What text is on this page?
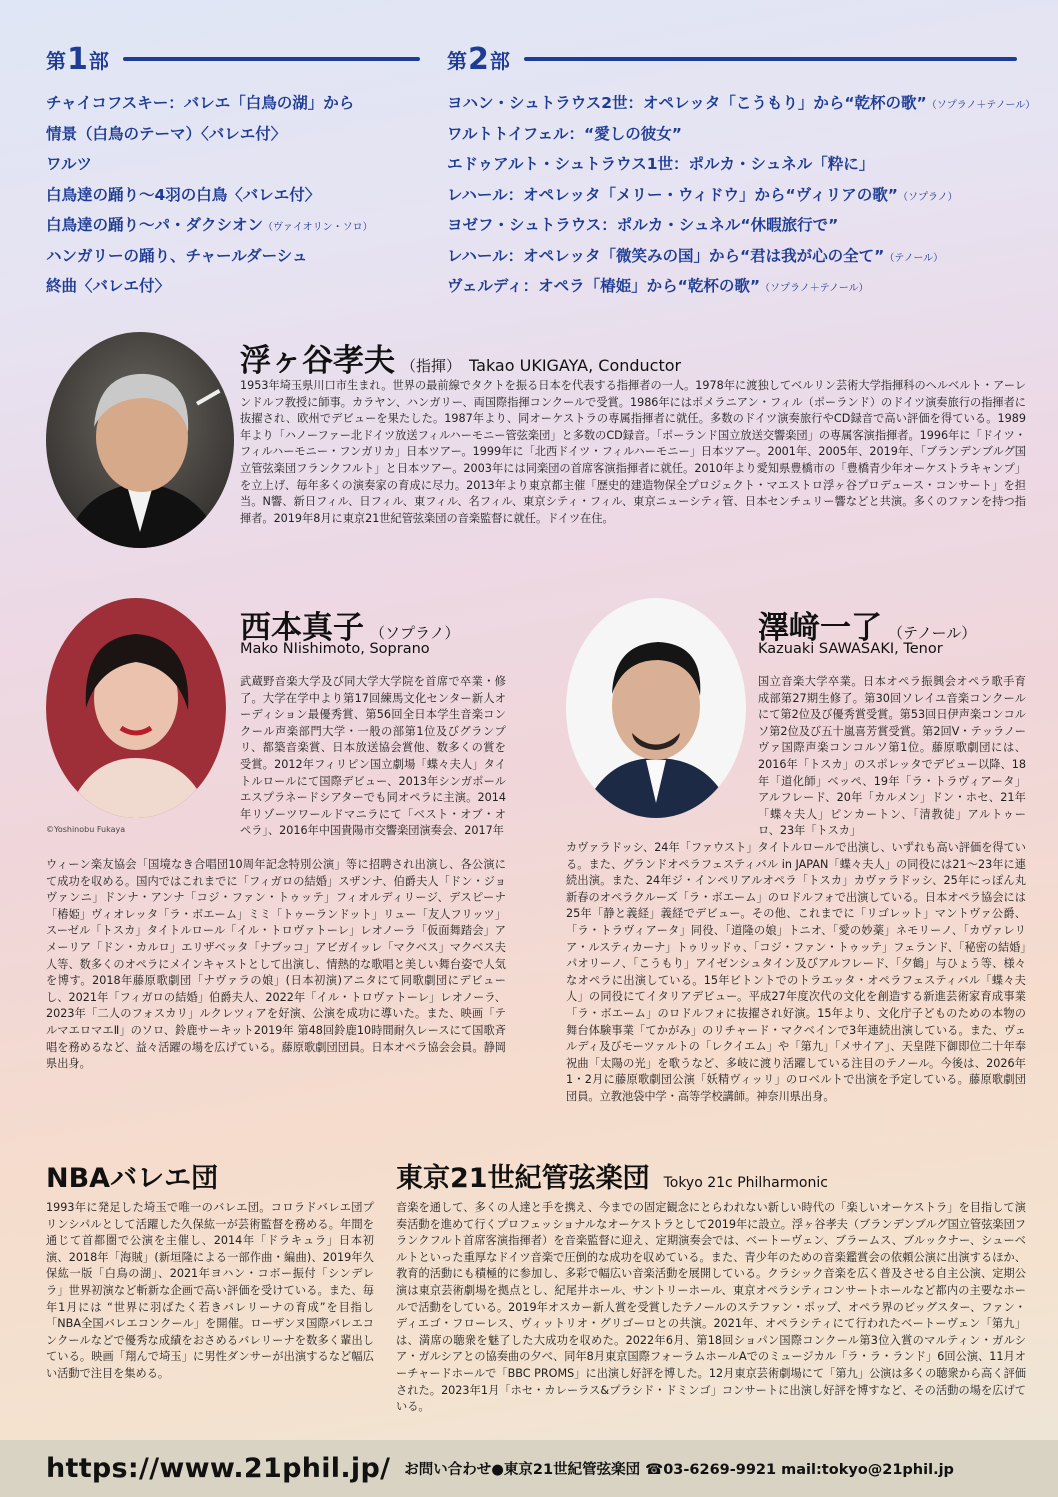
第 1 部
チャイコフスキー：バレエ「白鳥の湖」から
情景（白鳥のテーマ）〈バレエ付〉
ワルツ
白鳥達の踊り～4羽の白鳥〈バレエ付〉
白鳥達の踊り～パ・ダクシオン（ヴァイオリン・ソロ）
ハンガリーの踊り、チャールダーシュ
終曲〈バレエ付〉
第 2 部
ヨハン・シュトラウス2世：オペレッタ「こうもり」から“乾杯の歌”（ソプラノ＋テノール）
ワルトトイフェル：“愛しの彼女”
エドゥアルト・シュトラウス1世：ポルカ・シュネル「粋に」
レハール：オペレッタ「メリー・ウィドウ」から“ヴィリアの歌”（ソプラノ）
ヨゼフ・シュトラウス：ポルカ・シュネル“休暇旅行で”
レハール：オペレッタ「微笑みの国」から“君は我が心の全て”（テノール）
ヴェルディ：オペラ「椿姫」から“乾杯の歌”（ソプラノ＋テノール）
浮ヶ谷孝夫 （指揮） Takao UKIGAYA, Conductor

1953年埼玉県川口市生まれ。世界の最前線でタクトを振る日本を代表する指揮者の一人。1978年に渡独してベルリン芸術大学指揮科のヘルベルト・アーレンドルフ教授に師事。カラヤン、ハンガリー、両国際指揮コンクールで受賞。1986年にはポメラニアン・フィル（ポーランド）のドイツ演奏旅行の指揮者に抜擢され、欧州でデビューを果たした。1987年より、同オーケストラの専属指揮者に就任。多数のドイツ演奏旅行やCD録音で高い評価を得ている。1989年より「ハノーファー北ドイツ放送フィルハーモニー管弦楽団」と多数のCD録音。「ポーランド国立放送交響楽団」の専属客演指揮者。1996年に「ドイツ・フィルハーモニー・フンガリカ」日本ツアー。1999年に「北西ドイツ・フィルハーモニー」日本ツアー。2001年、2005年、2019年、「ブランデンブルグ国立管弦楽団フランクフルト」と日本ツアー。2003年には同楽団の首席客演指揮者に就任。2010年より愛知県豊橋市の「豊橋青少年オーケストラキャンプ」を立上げ、毎年多くの演奏家の育成に尽力。2013年より東京都主催「歴史的建造物保全プロジェクト・マエストロ浮ヶ谷プロデュース・コンサート」を担当。N響、新日フィル、日フィル、東フィル、名フィル、東京シティ・フィル、東京ニューシティ管、日本センチュリー響などと共演。多くのファンを持つ指揮者。2019年8月に東京21世紀管弦楽団の音楽監督に就任。ドイツ在住。

©Yoshinobu Fukaya
西本真子 （ソプラノ）
Mako NIishimoto, Soprano

武蔵野音楽大学及び同大学大学院を首席で卒業・修了。大学在学中より第17回練馬文化センター新人オーディション最優秀賞、第56回全日本学生音楽コンクール声楽部門大学・一般の部第1位及びグランプリ、都築音楽賞、日本放送協会賞他、数多くの賞を受賞。2012年フィリピン国立劇場「蝶々夫人」タイトルロールにて国際デビュー、2013年シンガポールエスプラネードシアターでも同オペラに主演。2014年リゾーツワールドマニラにて「ベスト・オブ・オペラ」、2016年中国貴陽市交響楽団演奏会、2017年

ウィーン楽友協会「国境なき合唱団10周年記念特別公演」等に招聘され出演し、各公演にて成功を収める。国内ではこれまでに「フィガロの結婚」スザンナ、伯爵夫人「ドン・ジョヴァンニ」ドンナ・アンナ「コジ・ファン・トゥッテ」フィオルディリージ、デスピーナ「椿姫」ヴィオレッタ「ラ・ボエーム」ミミ「トゥーランドット」リュー「友人フリッツ」スーゼル「トスカ」タイトルロール「イル・トロヴァトーレ」レオノーラ「仮面舞踏会」アメーリア「ドン・カルロ」エリザベッタ「ナブッコ」アビガイッレ「マクベス」マクベス夫人等、数多くのオペラにメインキャストとして出演し、情熱的な歌唱と美しい舞台姿で人気を博す。2018年藤原歌劇団「ナヴァラの娘」(日本初演)アニタにて同歌劇団にデビューし、2021年「フィガロの結婚」伯爵夫人、2022年「イル・トロヴァトーレ」レオノーラ、2023年「二人のフォスカリ」ルクレツィアを好演、公演を成功に導いた。また、映画「テルマエロマエⅡ」のソロ、鈴鹿サーキット2019年 第48回鈴鹿10時間耐久レースにて国歌斉唱を務めるなど、益々活躍の場を広げている。藤原歌劇団団員。日本オペラ協会会員。静岡県出身。

澤﨑一了 （テノール）
Kazuaki SAWASAKI, Tenor

国立音楽大学卒業。日本オペラ振興会オペラ歌手育成部第27期生修了。第30回ソレイユ音楽コンクールにて第2位及び優秀賞受賞。第53回日伊声楽コンコルソ第2位及び五十嵐喜芳賞受賞。第2回Ⅴ・テッラノーヴァ国際声楽コンコルソ第1位。藤原歌劇団には、2016年「トスカ」のスポレッタでデビュー以降、18年「道化師」ベッペ、19年「ラ・トラヴィアータ」アルフレード、20年「カルメン」ドン・ホセ、21年「蝶々夫人」ピンカートン、「清教徒」アルトゥーロ、23年「トスカ」

カヴァラドッシ、24年「ファウスト」タイトルロールで出演し、いずれも高い評価を得ている。また、グランドオペラフェスティバル in JAPAN「蝶々夫人」の同役には21～23年に連続出演。また、24年ジ・インペリアルオペラ「トスカ」カヴァラドッシ、25年にっぽん丸新春のオペラクルーズ「ラ・ボエーム」のロドルフォで出演している。日本オペラ協会には25年「静と義経」義経でデビュー。その他、これまでに「リゴレット」マントヴァ公爵、「ラ・トラヴィアータ」同役、「道隆の娘」トニオ、「愛の妙薬」ネモリーノ、「カヴァレリア・ルスティカーナ」トゥリッドゥ、「コジ・ファン・トゥッテ」フェランド、「秘密の結婚」パオリーノ、「こうもり」アイゼンシュタイン及びアルフレード、「夕鶴」与ひょう等、様々なオペラに出演している。15年ビトントでのトラエッタ・オペラフェスティバル「蝶々夫人」の同役にてイタリアデビュー。平成27年度次代の文化を創造する新進芸術家育成事業「ラ・ボエーム」のロドルフォに抜擢され好演。15年より、文化庁子どものための本物の舞台体験事業「てかがみ」のリチャード・マクベインで3年連続出演している。また、ヴェルディ及びモーツァルトの「レクイエム」や「第九」「メサイア」、天皇陛下御即位二十年奉祝曲「太陽の光」を歌うなど、多岐に渡り活躍している注目のテノール。今後は、2026年1・2月に藤原歌劇団公演「妖精ヴィッリ」のロベルトで出演を予定している。藤原歌劇団団員。立教池袋中学・高等学校講師。神奈川県出身。

NBAバレエ団

1993年に発足した埼玉で唯一のバレエ団。コロラドバレエ団プリンシパルとして活躍した久保紘一が芸術監督を務める。年間を通じて首都圏で公演を主催し、2014年「ドラキュラ」日本初演、2018年「海賊」(新垣隆による一部作曲・編曲)、2019年久保紘一版「白鳥の湖」、2021年ヨハン・コボー振付「シンデレラ」世界初演など斬新な企画で高い評価を受けている。また、毎年1月には “世界に羽ばたく若きバレリーナの育成”を目指し「NBA全国バレエコンクール」を開催。ローザンヌ国際バレエコンクールなどで優秀な成績をおさめるバレリーナを数多く輩出している。映画「翔んで埼玉」に男性ダンサーが出演するなど幅広い活動で注目を集める。

東京21世紀管弦楽団 Tokyo 21c Philharmonic

音楽を通して、多くの人達と手を携え、今までの固定観念にとらわれない新しい時代の「楽しいオーケストラ」を目指して演奏活動を進めて行くプロフェッショナルなオーケストラとして2019年に設立。浮ヶ谷孝夫（ブランデンブルグ国立管弦楽団フランクフルト首席客演指揮者）を音楽監督に迎え、定期演奏会では、ベートーヴェン、ブラームス、ブルックナー、シューベルトといった重厚なドイツ音楽で圧倒的な成功を収めている。また、青少年のための音楽鑑賞会の依頼公演に出演するほか、教育的活動にも積極的に参加し、多彩で幅広い音楽活動を展開している。クラシック音楽を広く普及させる自主公演、定期公演は東京芸術劇場を拠点とし、紀尾井ホール、サントリーホール、東京オペラシティコンサートホールなど都内の主要なホールで活動をしている。2019年オスカー新人賞を受賞したテノールのステファン・ポップ、オペラ界のビッグスター、ファン・ディエゴ・フローレス、ヴィットリオ・グリゴーロとの共演。2021年、オペラシティにて行われたベートーヴェン「第九」は、満席の聴衆を魅了した大成功を収めた。2022年6月、第18回ショパン国際コンクール第3位入賞のマルティン・ガルシア・ガルシアとの協奏曲の夕べ、同年8月東京国際フォーラムホールAでのミュージカル「ラ・ラ・ランド」6回公演、11月オーチャードホールで「BBC PROMS」に出演し好評を博した。12月東京芸術劇場にて「第九」公演は多くの聴衆から高く評価された。2023年1月「ホセ・カレーラス&プラシド・ドミンゴ」コンサートに出演し好評を博すなど、その活動の場を広げている。

https://www.21phil.jp/ お問い合わせ●東京21世紀管弦楽団 ☎03-6269-9921 mail:tokyo@21phil.jp
